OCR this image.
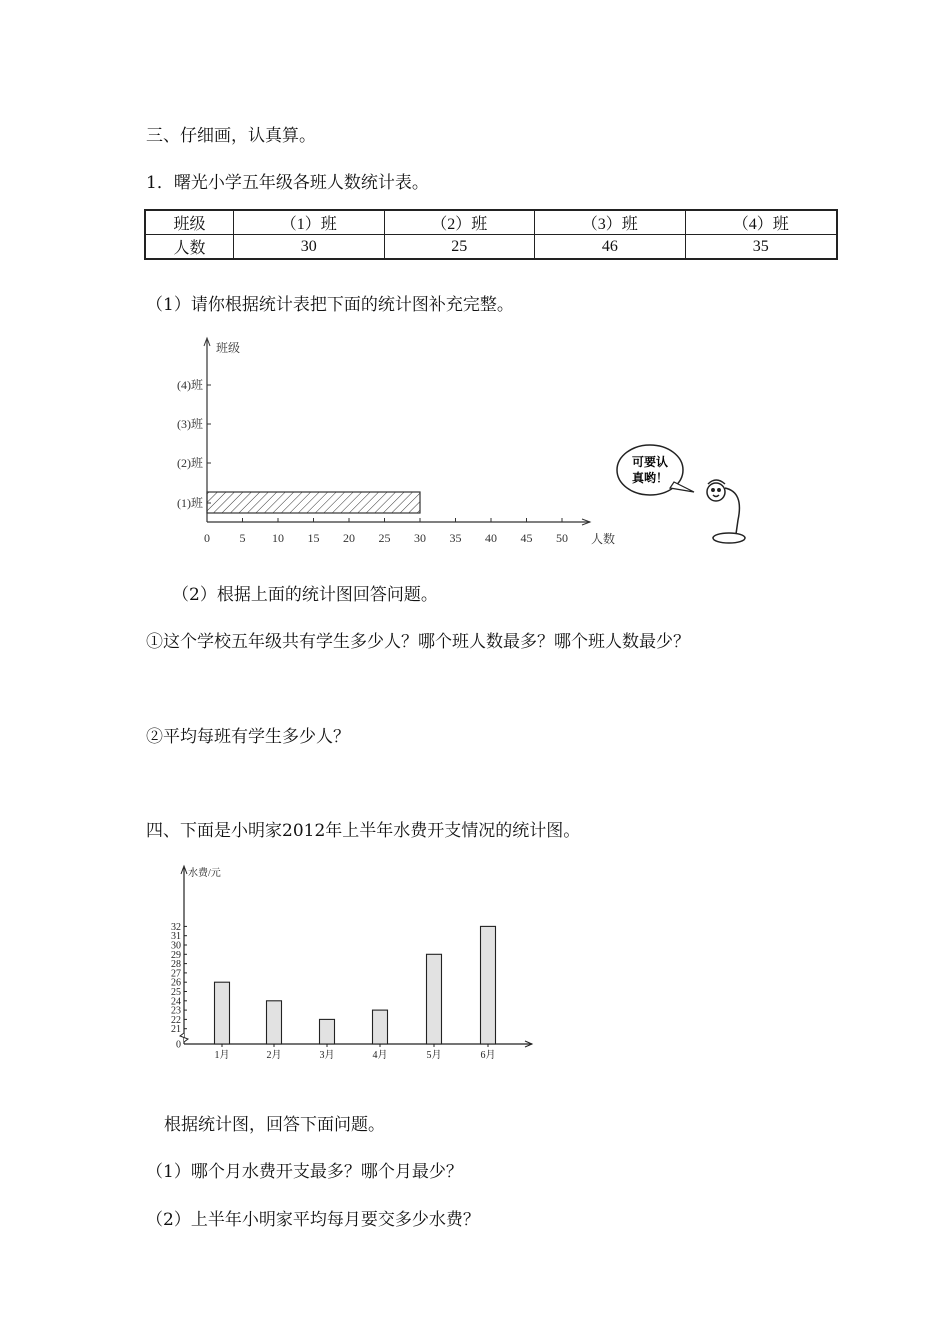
三、仔细画，认真算。
1．曙光小学五年级各班人数统计表。
班级	（1）班	（2）班	（3）班	（4）班
人数	30	25	46	35
（1）请你根据统计表把下面的统计图补充完整。
0 5 10 15 20 25 30 35 40 45 50
(1)班
(2)班
(3)班
(4)班
班级
人数
可要认
真哟！
（2）根据上面的统计图回答问题。
①这个学校五年级共有学生多少人？哪个班人数最多？哪个班人数最少？
②平均每班有学生多少人？
四、下面是小明家2012年上半年水费开支情况的统计图。
0
21
22
23
24
25
26
27
28
29
30
31
32
1月	2月	3月	4月	5月	6月
水费/元
根据统计图，回答下面问题。
（1）哪个月水费开支最多？哪个月最少？
（2）上半年小明家平均每月要交多少水费？
